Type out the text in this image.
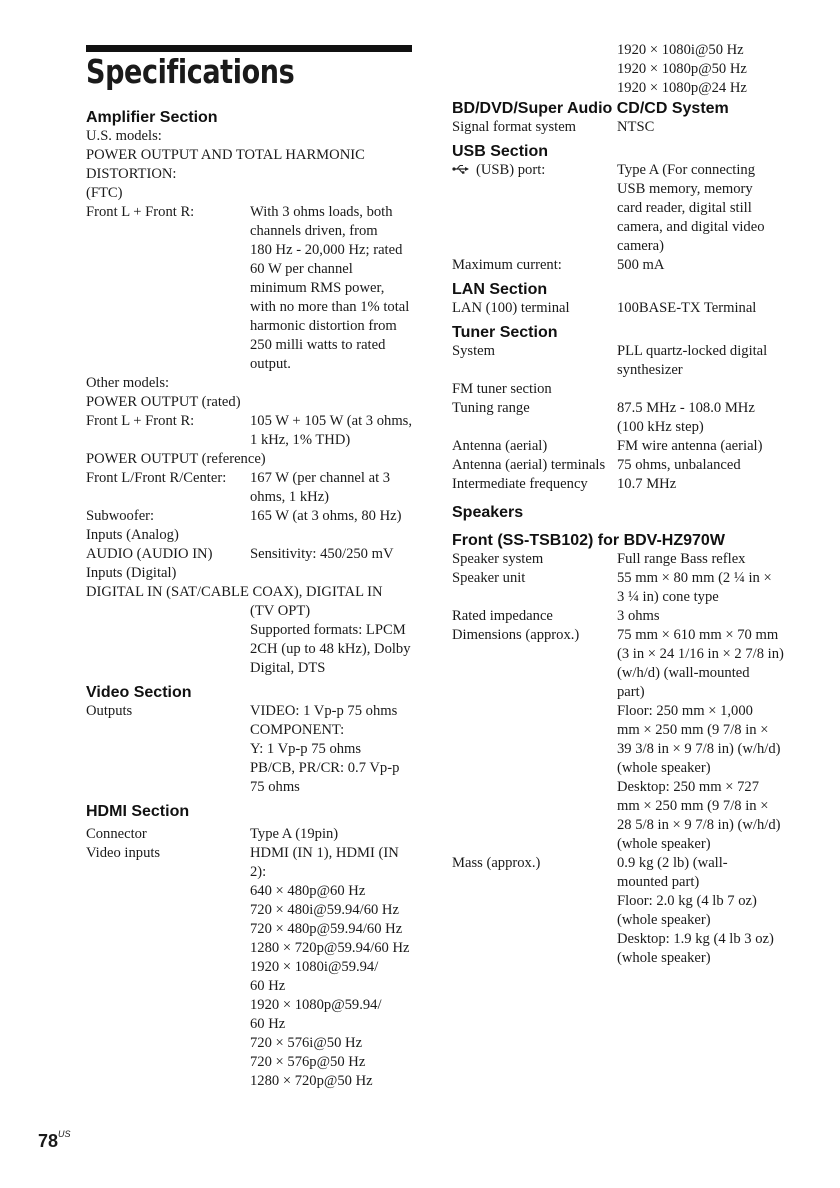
Specifications
Amplifier Section
U.S. models:
POWER OUTPUT AND TOTAL HARMONIC
DISTORTION:
(FTC)
Front L + Front R:	With 3 ohms loads, both
channels driven, from
180 Hz - 20,000 Hz; rated
60 W per channel
minimum RMS power,
with no more than 1% total
harmonic distortion from
250 milli watts to rated
output.
Other models:
POWER OUTPUT (rated)
Front L + Front R:	105 W + 105 W (at 3 ohms,
1 kHz, 1% THD)
POWER OUTPUT (reference)
Front L/Front R/Center:	167 W (per channel at 3
ohms, 1 kHz)
Subwoofer:	165 W (at 3 ohms, 80 Hz)
Inputs (Analog)
AUDIO (AUDIO IN)	Sensitivity: 450/250 mV
Inputs (Digital)
DIGITAL IN (SAT/CABLE COAX), DIGITAL IN
(TV OPT)
Supported formats: LPCM
2CH (up to 48 kHz), Dolby
Digital, DTS
Video Section
Outputs	VIDEO: 1 Vp-p 75 ohms
COMPONENT:
Y: 1 Vp-p 75 ohms
PB/CB, PR/CR: 0.7 Vp-p
75 ohms
HDMI Section
Connector	Type A (19pin)
Video inputs	HDMI (IN 1), HDMI (IN
2):
640 × 480p@60 Hz
720 × 480i@59.94/60 Hz
720 × 480p@59.94/60 Hz
1280 × 720p@59.94/60 Hz
1920 × 1080i@59.94/
60 Hz
1920 × 1080p@59.94/
60 Hz
720 × 576i@50 Hz
720 × 576p@50 Hz
1280 × 720p@50 Hz
1920 × 1080i@50 Hz
1920 × 1080p@50 Hz
1920 × 1080p@24 Hz
BD/DVD/Super Audio CD/CD System
Signal format system	NTSC
USB Section
(USB) port:	Type A (For connecting
USB memory, memory
card reader, digital still
camera, and digital video
camera)
Maximum current:	500 mA
LAN Section
LAN (100) terminal	100BASE-TX Terminal
Tuner Section
System	PLL quartz-locked digital
synthesizer
FM tuner section
Tuning range	87.5 MHz - 108.0 MHz
(100 kHz step)
Antenna (aerial)	FM wire antenna (aerial)
Antenna (aerial) terminals 75 ohms, unbalanced
Intermediate frequency	10.7 MHz
Speakers
Front (SS-TSB102) for BDV-HZ970W
Speaker system	Full range Bass reflex
Speaker unit	55 mm × 80 mm (2 ¼ in ×
3 ¼ in) cone type
Rated impedance	3 ohms
Dimensions (approx.)	75 mm × 610 mm × 70 mm
(3 in × 24 1/16 in × 2 7/8 in)
(w/h/d) (wall-mounted
part)
Floor: 250 mm × 1,000
mm × 250 mm (9 7/8 in ×
39 3/8 in × 9 7/8 in) (w/h/d)
(whole speaker)
Desktop: 250 mm × 727
mm × 250 mm (9 7/8 in ×
28 5/8 in × 9 7/8 in) (w/h/d)
(whole speaker)
Mass (approx.)	0.9 kg (2 lb) (wall-
mounted part)
Floor: 2.0 kg (4 lb 7 oz)
(whole speaker)
Desktop: 1.9 kg (4 lb 3 oz)
(whole speaker)
$78^{US}$
